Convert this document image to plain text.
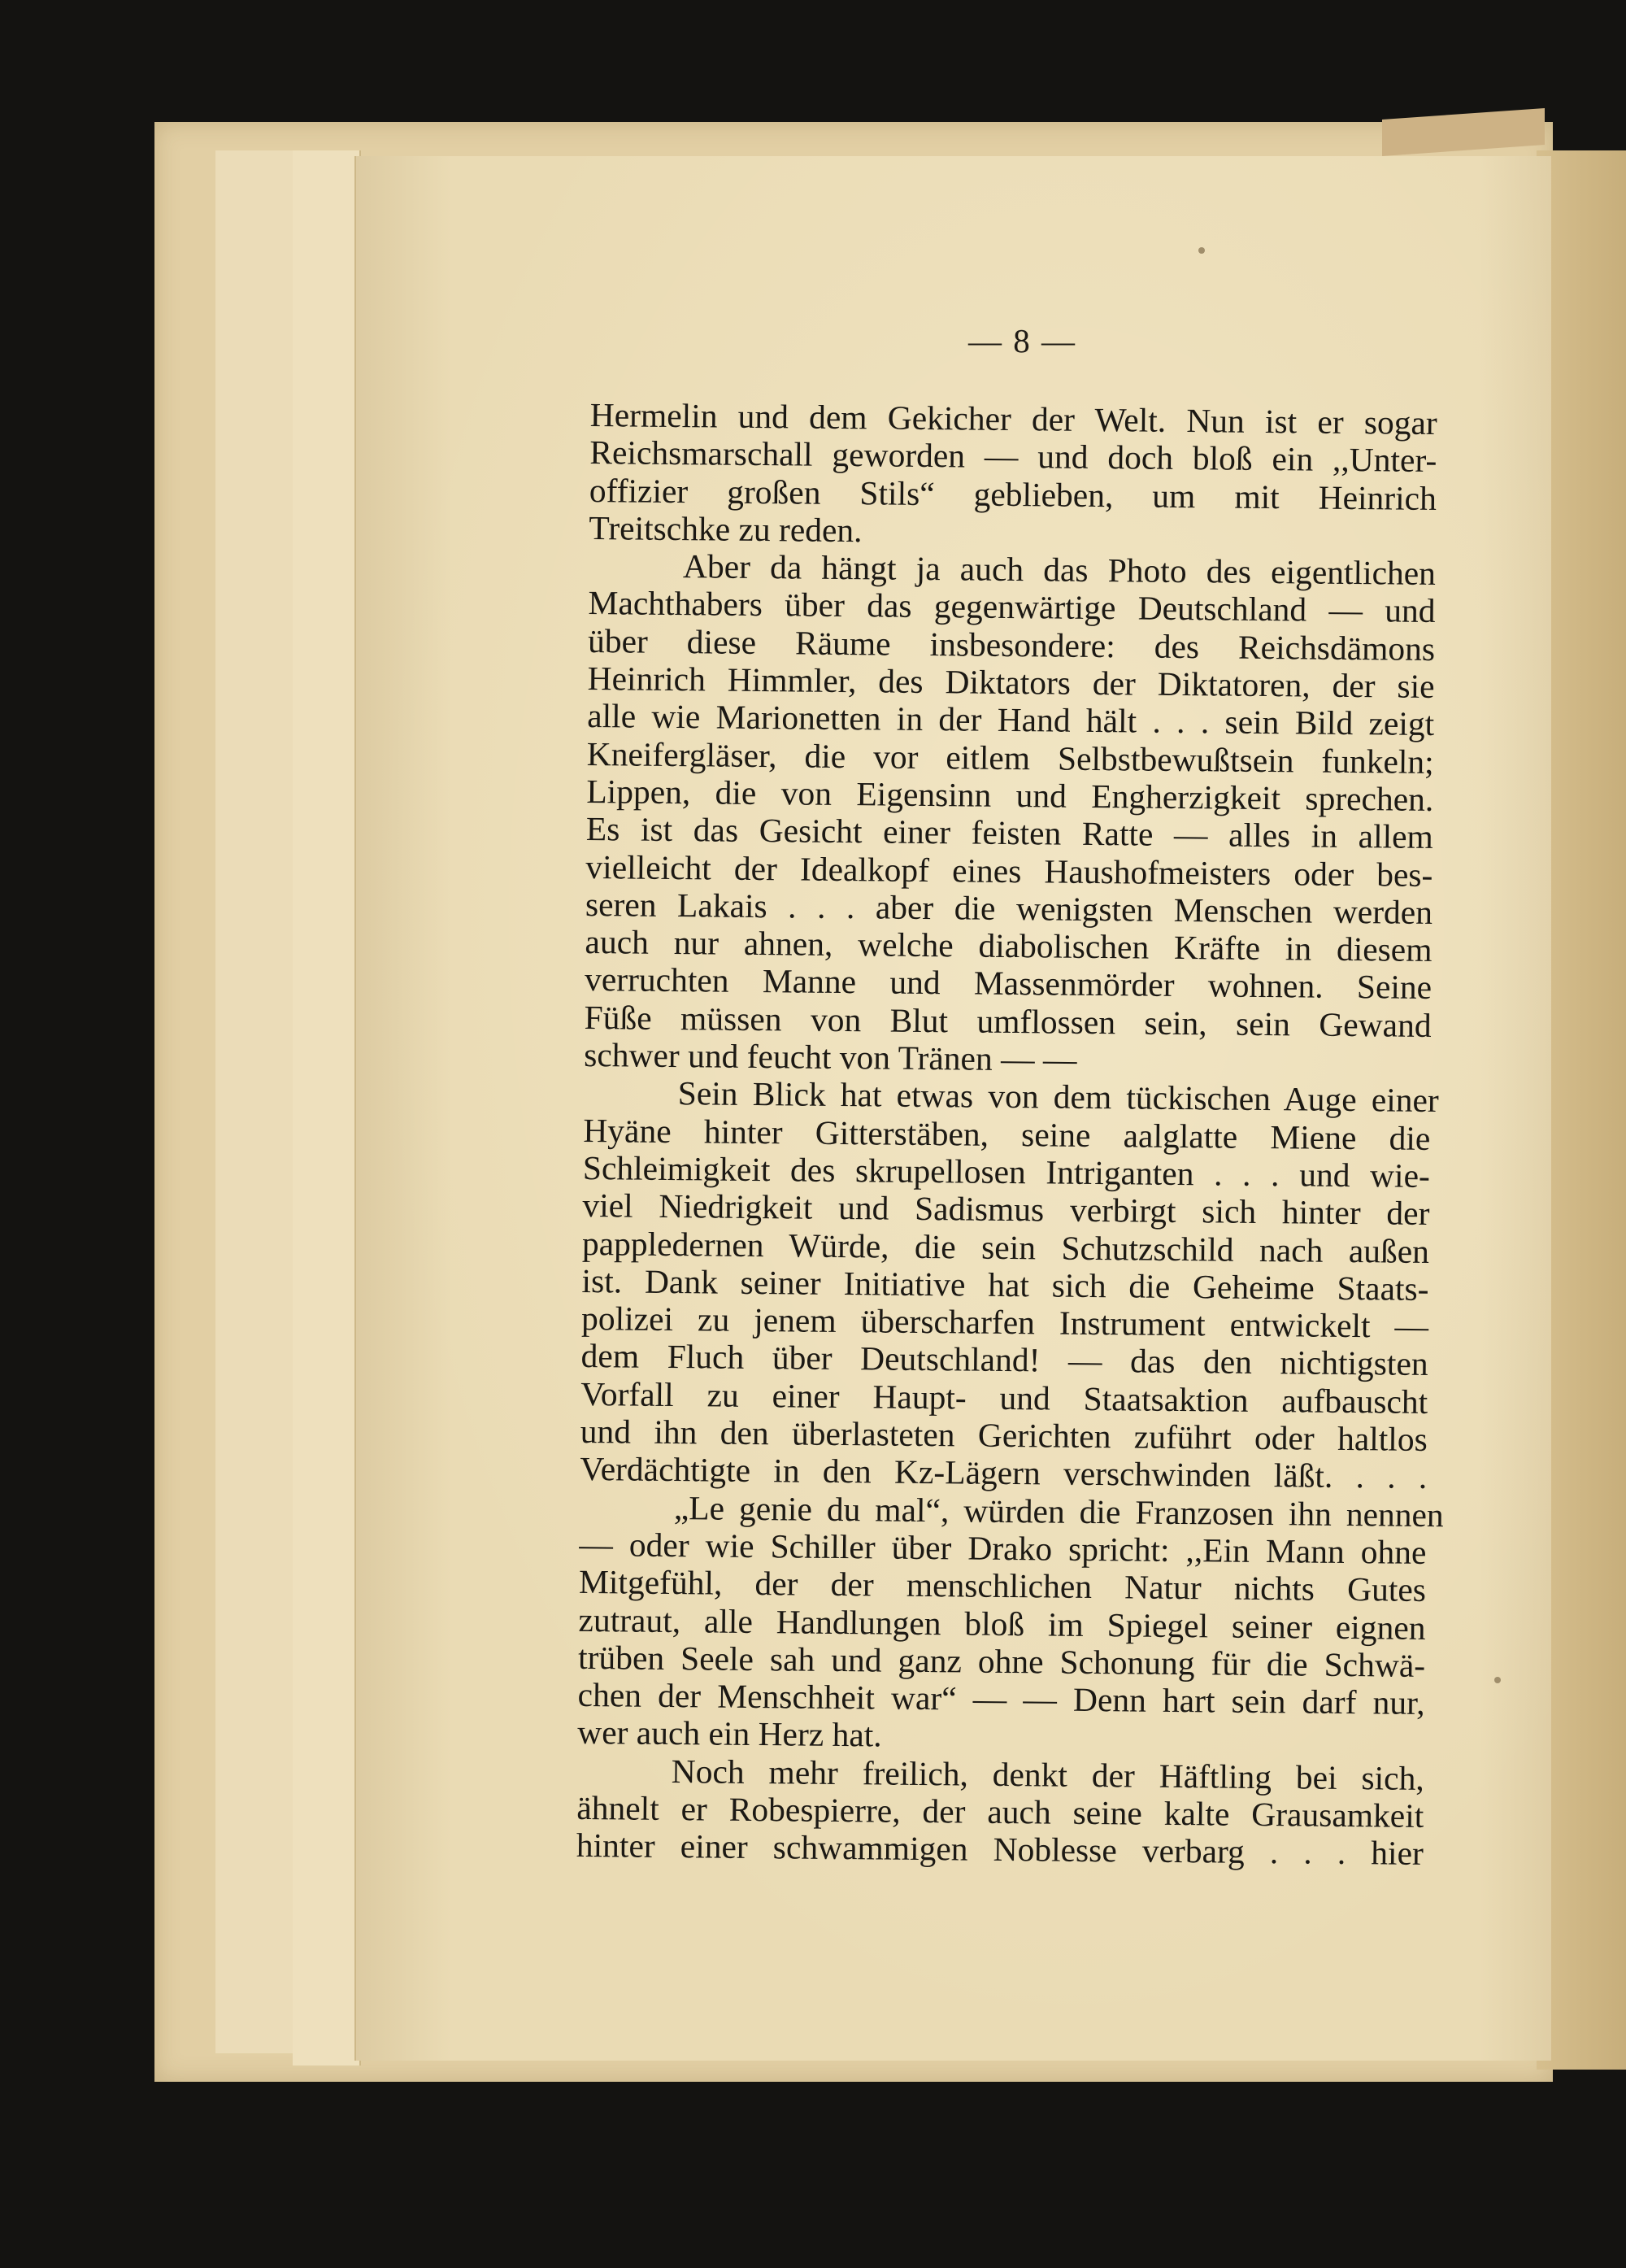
— 8 —

Hermelin und dem Gekicher der Welt. Nun ist er sogar
Reichsmarschall geworden — und doch bloß ein ,,Unter-
offizier großen Stils“ geblieben, um mit Heinrich
Treitschke zu reden.

Aber da hängt ja auch das Photo des eigentlichen
Machthabers über das gegenwärtige Deutschland — und
über diese Räume insbesondere: des Reichsdämons
Heinrich Himmler, des Diktators der Diktatoren, der sie
alle wie Marionetten in der Hand hält . . . sein Bild zeigt
Kneifergläser, die vor eitlem Selbstbewußtsein funkeln;
Lippen, die von Eigensinn und Engherzigkeit sprechen.
Es ist das Gesicht einer feisten Ratte — alles in allem
vielleicht der Idealkopf eines Haushofmeisters oder bes-
seren Lakais . . . aber die wenigsten Menschen werden
auch nur ahnen, welche diabolischen Kräfte in diesem
verruchten Manne und Massenmörder wohnen. Seine
Füße müssen von Blut umflossen sein, sein Gewand
schwer und feucht von Tränen — —

Sein Blick hat etwas von dem tückischen Auge einer
Hyäne hinter Gitterstäben, seine aalglatte Miene die
Schleimigkeit des skrupellosen Intriganten . . . und wie-
viel Niedrigkeit und Sadismus verbirgt sich hinter der
pappledernen Würde, die sein Schutzschild nach außen
ist. Dank seiner Initiative hat sich die Geheime Staats-
polizei zu jenem überscharfen Instrument entwickelt —
dem Fluch über Deutschland! — das den nichtigsten
Vorfall zu einer Haupt- und Staatsaktion aufbauscht
und ihn den überlasteten Gerichten zuführt oder haltlos
Verdächtigte in den Kz-Lägern verschwinden läßt. . . .

„Le genie du mal“, würden die Franzosen ihn nennen
— oder wie Schiller über Drako spricht: ,,Ein Mann ohne
Mitgefühl, der der menschlichen Natur nichts Gutes
zutraut, alle Handlungen bloß im Spiegel seiner eignen
trüben Seele sah und ganz ohne Schonung für die Schwä-
chen der Menschheit war“ — — Denn hart sein darf nur,
wer auch ein Herz hat.

Noch mehr freilich, denkt der Häftling bei sich,
ähnelt er Robespierre, der auch seine kalte Grausamkeit
hinter einer schwammigen Noblesse verbarg . . . hier
